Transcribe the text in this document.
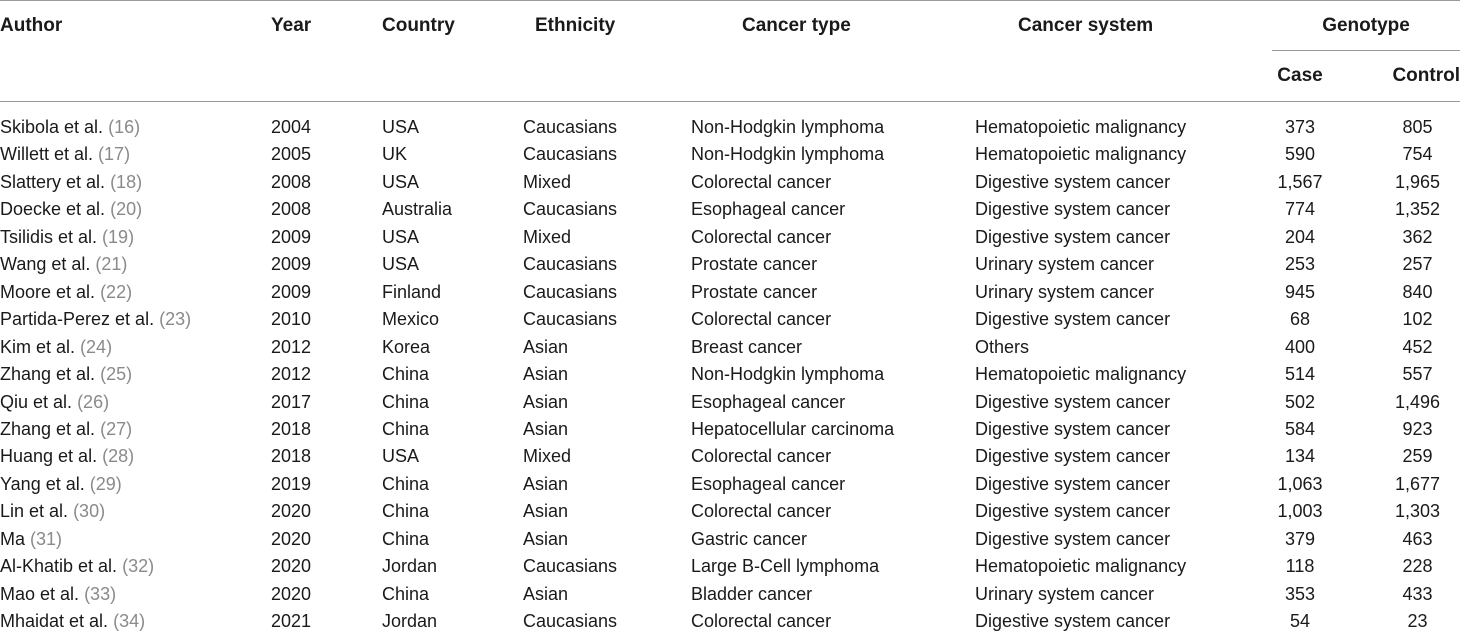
Author	Year	Country	Ethnicity	Cancer type	Cancer system	Genotype
Case	Control
Skibola et al. (16)	2004	USA	Caucasians	Non-Hodgkin lymphoma	Hematopoietic malignancy	373	805
Willett et al. (17)	2005	UK	Caucasians	Non-Hodgkin lymphoma	Hematopoietic malignancy	590	754
Slattery et al. (18)	2008	USA	Mixed	Colorectal cancer	Digestive system cancer	1,567	1,965
Doecke et al. (20)	2008	Australia	Caucasians	Esophageal cancer	Digestive system cancer	774	1,352
Tsilidis et al. (19)	2009	USA	Mixed	Colorectal cancer	Digestive system cancer	204	362
Wang et al. (21)	2009	USA	Caucasians	Prostate cancer	Urinary system cancer	253	257
Moore et al. (22)	2009	Finland	Caucasians	Prostate cancer	Urinary system cancer	945	840
Partida-Perez et al. (23)	2010	Mexico	Caucasians	Colorectal cancer	Digestive system cancer	68	102
Kim et al. (24)	2012	Korea	Asian	Breast cancer	Others	400	452
Zhang et al. (25)	2012	China	Asian	Non-Hodgkin lymphoma	Hematopoietic malignancy	514	557
Qiu et al. (26)	2017	China	Asian	Esophageal cancer	Digestive system cancer	502	1,496
Zhang et al. (27)	2018	China	Asian	Hepatocellular carcinoma	Digestive system cancer	584	923
Huang et al. (28)	2018	USA	Mixed	Colorectal cancer	Digestive system cancer	134	259
Yang et al. (29)	2019	China	Asian	Esophageal cancer	Digestive system cancer	1,063	1,677
Lin et al. (30)	2020	China	Asian	Colorectal cancer	Digestive system cancer	1,003	1,303
Ma (31)	2020	China	Asian	Gastric cancer	Digestive system cancer	379	463
Al-Khatib et al. (32)	2020	Jordan	Caucasians	Large B-Cell lymphoma	Hematopoietic malignancy	118	228
Mao et al. (33)	2020	China	Asian	Bladder cancer	Urinary system cancer	353	433
Mhaidat et al. (34)	2021	Jordan	Caucasians	Colorectal cancer	Digestive system cancer	54	23
